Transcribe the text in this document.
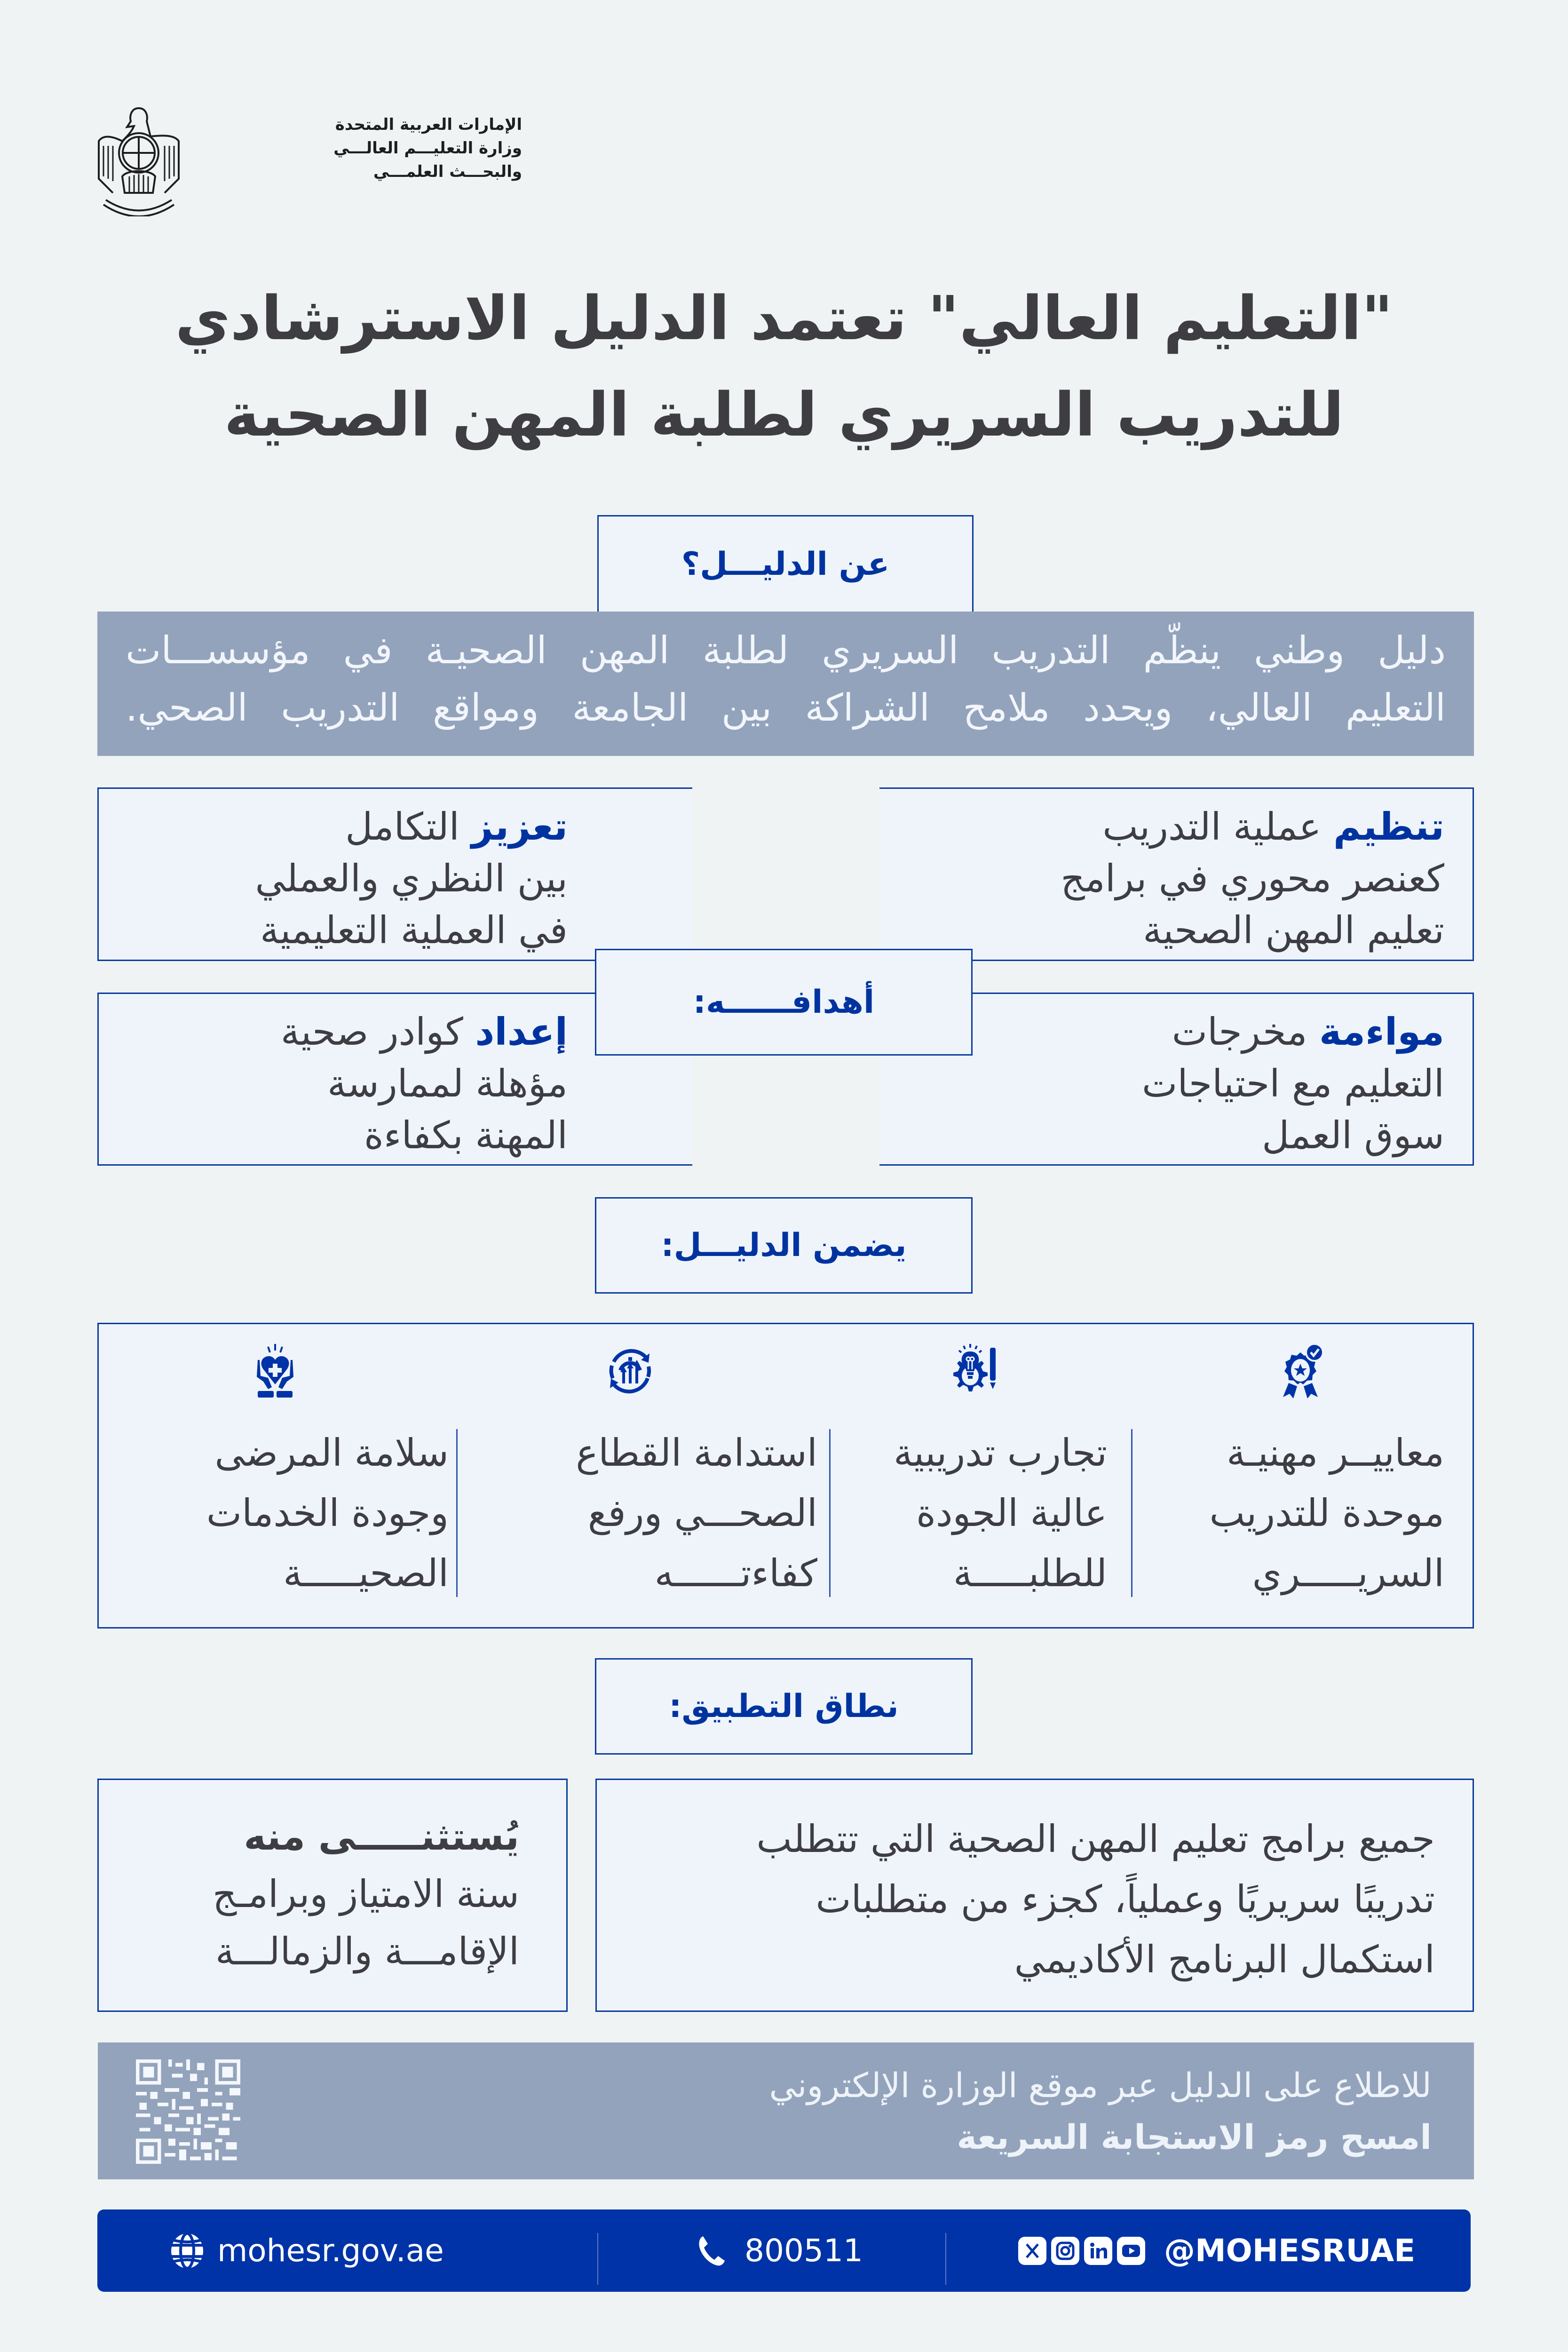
الإمارات العربية المتحدة
وزارة التعليـــم العالـــي
والبحـــث العلمـــي
"التعليم العالي" تعتمد الدليل الاسترشادي
للتدريب السريري لطلبة المهن الصحية
عن الدليـــل؟
دليل وطني ينظّم التدريب السريري لطلبة المهن الصحيـة في مؤسســـات
التعليم العالي، ويحدد ملامح الشراكة بين الجامعة ومواقع التدريب الصحي.
تنظيم عملية التدريب
كعنصر محوري في برامج
تعليم المهن الصحية
تعزيز التكامل
بين النظري والعملي
في العملية التعليمية
مواءمة مخرجات
التعليم مع احتياجات
سوق العمل
إعداد كوادر صحية
مؤهلة لممارسة
المهنة بكفاءة
أهدافــــــه:
يضمن الدليـــل:
معاييــر مهنيـة
موحدة للتدريب
السريـــــري
تجارب تدريبية
عالية الجودة
للطلبـــــة
استدامة القطاع
الصحـــي ورفع
كفاءتــــــه
سلامة المرضى
وجودة الخدمات
الصحيـــــة
نطاق التطبيق:
جميع برامج تعليم المهن الصحية التي تتطلب
تدريبًا سريريًا وعملياً، كجزء من متطلبات
استكمال البرنامج الأكاديمي
يُستثنـــــى منه
سنة الامتياز وبرامـج
الإقامـــة والزمالـــة
للاطلاع على الدليل عبر موقع الوزارة الإلكتروني
امسح رمز الاستجابة السريعة
mohesr.gov.ae	800511	@MOHESRUAE
